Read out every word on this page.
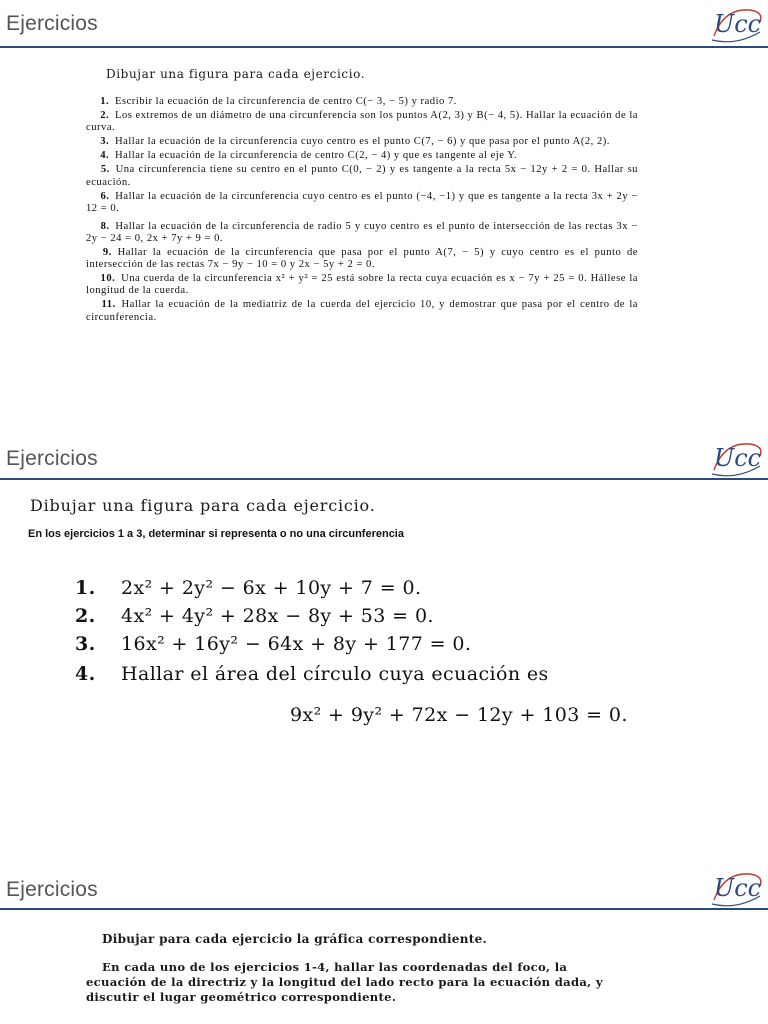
Ejercicios	Ucc
Dibujar una figura para cada ejercicio.
  1.  Escribir la ecuación de la circunferencia de centro C(− 3, − 5) y radio 7.
  2.  Los extremos de un diámetro de una circunferencia son los puntos A(2, 3) y B(− 4, 5). Hallar la ecuación de la curva.
  3.  Hallar la ecuación de la circunferencia cuyo centro es el punto C(7, − 6) y que pasa por el punto A(2, 2).
  4.  Hallar la ecuación de la circunferencia de centro C(2, − 4) y que es tangente al eje Y.
  5.  Una circunferencia tiene su centro en el punto C(0, − 2) y es tangente a la recta 5x − 12y + 2 = 0. Hallar su ecuación.
  6.  Hallar la ecuación de la circunferencia cuyo centro es el punto (−4, −1) y que es tangente a la recta 3x + 2y − 12 = 0.
  8.  Hallar la ecuación de la circunferencia de radio 5 y cuyo centro es el punto de intersección de las rectas 3x − 2y − 24 = 0, 2x + 7y + 9 = 0.
  9.  Hallar la ecuación de la circunferencia que pasa por el punto A(7, − 5) y cuyo centro es el punto de intersección de las rectas 7x − 9y − 10 = 0 y 2x − 5y + 2 = 0.
  10.  Una cuerda de la circunferencia x² + y² = 25 está sobre la recta cuya ecuación es x − 7y + 25 = 0. Hállese la longitud de la cuerda.
  11.  Hallar la ecuación de la mediatriz de la cuerda del ejercicio 10, y demostrar que pasa por el centro de la circunferencia.
Ejercicios	Ucc
Dibujar una figura para cada ejercicio.
En los ejercicios 1 a 3, determinar si representa o no una circunferencia
1. 2x² + 2y² − 6x + 10y + 7 = 0.
2. 4x² + 4y² + 28x − 8y + 53 = 0.
3. 16x² + 16y² − 64x + 8y + 177 = 0.
4. Hallar el área del círculo cuya ecuación es
9x² + 9y² + 72x − 12y + 103 = 0.
Ejercicios	Ucc
Dibujar para cada ejercicio la gráfica correspondiente.
En cada uno de los ejercicios 1-4, hallar las coordenadas del foco, la ecuación de la directriz y la longitud del lado recto para la ecuación dada, y discutir el lugar geométrico correspondiente.
